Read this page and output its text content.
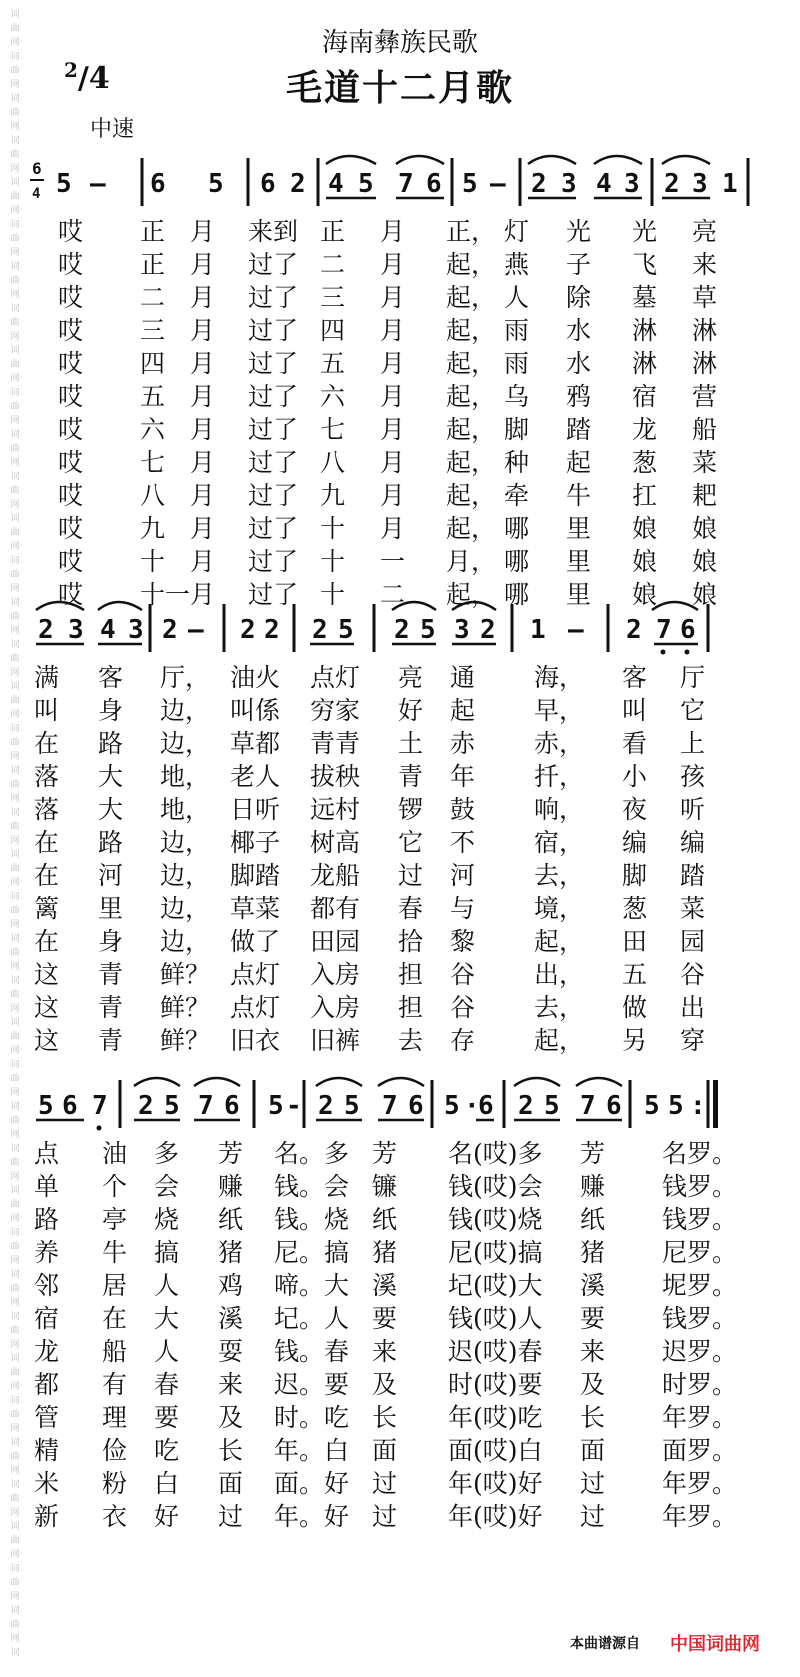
词
曲
网
词
曲
网
词
曲
网
词
曲
网
词
曲
网
词
曲
网
词
曲
网
词
曲
网
词
曲
网
词
曲
网
词
曲
网
词
曲
网
词
曲
网
词
曲
网
词
曲
网
词
曲
网
词
曲
网
词
曲
网
词
曲
网
词
曲
网
词
曲
网
词
曲
网
词
曲
网
词
曲
网
词
曲
网
词
曲
网
词
曲
网
词
曲
网
词
曲
网
词
曲
网
词
曲
网
词
曲
网
词
曲
网
词
曲
网
词
曲
网
词
曲
网
词
曲
网
词
曲
网
词
曲
网
词
海南彝族民歌
毛道十二月歌
$^2$/4
中速
6
4 5 — 6 5 6 2 4 5 7 6 5 — 2 3 4 3 2 3 1
哎 正 月 来到 正 月 正， 灯 光 光 亮
哎 正 月 过了 二 月 起， 燕 子 飞 来
哎 二 月 过了 三 月 起， 人 除 墓 草
哎 三 月 过了 四 月 起， 雨 水 淋 淋
哎 四 月 过了 五 月 起， 雨 水 淋 淋
哎 五 月 过了 六 月 起， 乌 鸦 宿 营
哎 六 月 过了 七 月 起， 脚 踏 龙 船
哎 七 月 过了 八 月 起， 种 起 葱 菜
哎 八 月 过了 九 月 起， 牵 牛 扛 耙
哎 九 月 过了 十 月 起， 哪 里 娘 娘
哎 十 月 过了 十 一 月， 哪 里 娘 娘
哎 十一 月 过了 十 二 起， 哪 里 娘 娘
2 3 4 3 2 — 2 2 2 5 2 5 3 2 1 — 2 7 6
满 客 厅， 油火 点灯 亮 通 海， 客 厅
叫 身 边， 叫係 穷家 好 起 早， 叫 它
在 路 边， 草都 青青 土 赤 赤， 看 上
落 大 地， 老人 拔秧 青 年 扦， 小 孩
落 大 地， 日听 远村 锣 鼓 响， 夜 听
在 路 边， 椰子 树高 它 不 宿， 编 编
在 河 边， 脚踏 龙船 过 河 去， 脚 踏
篱 里 边， 草菜 都有 春 与 境， 葱 菜
在 身 边， 做了 田园 拾 黎 起， 田 园
这 青 鲜？ 点灯 入房 担 谷 出， 五 谷
这 青 鲜？ 点灯 入房 担 谷 去， 做 出
这 青 鲜？ 旧衣 旧裤 去 存 起， 另 穿
5 6 7 2 5 7 6 5 - 2 5 7 6 5 ·
6 2 5 7 6 5 5 :
点 油 多 芳 名。多 芳 名(哎)多 芳 名罗。
单 个 会 赚 钱。会 镰 钱(哎)会 赚 钱罗。
路 亭 烧 纸 钱。烧 纸 钱(哎)烧 纸 钱罗。
养 牛 搞 猪 尼。搞 猪 尼(哎)搞 猪 尼罗。
邻 居 人 鸡 啼。大 溪 圮(哎)大 溪 坭罗。
宿 在 大 溪 圮。人 要 钱(哎)人 要 钱罗。
龙 船 人 耍 钱。春 来 迟(哎)春 来 迟罗。
都 有 春 来 迟。要 及 时(哎)要 及 时罗。
管 理 要 及 时。吃 长 年(哎)吃 长 年罗。
精 俭 吃 长 年。白 面 面(哎)白 面 面罗。
米 粉 白 面 面。好 过 年(哎)好 过 年罗。
新 衣 好 过 年。好 过 年(哎)好 过 年罗。
本曲谱源自 中国词曲网
